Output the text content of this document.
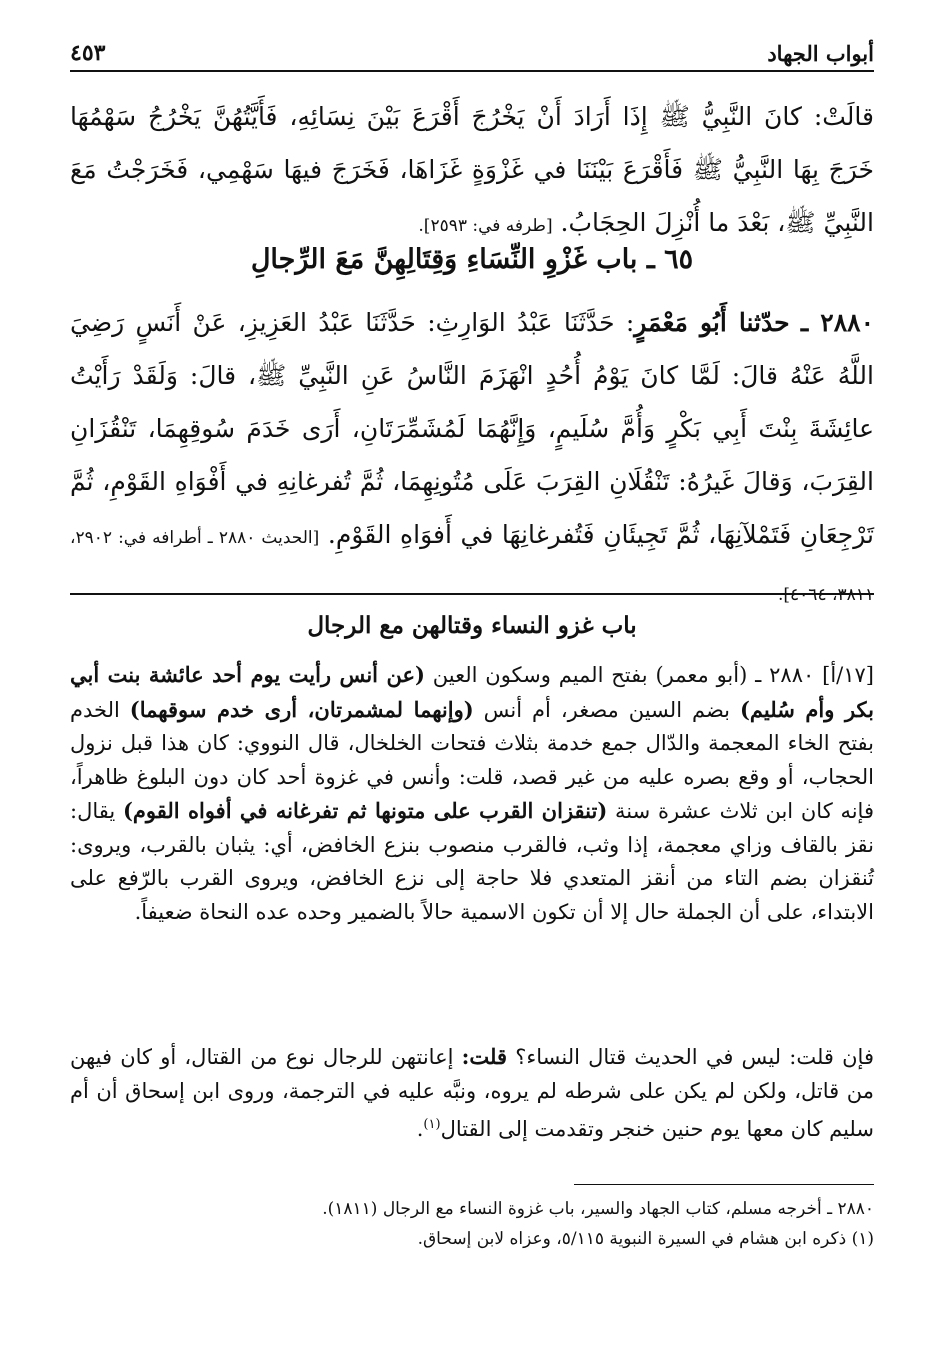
أبواب الجهاد
٤٥٣

قالَتْ: كانَ النَّبِيُّ ﷺ إِذَا أَرَادَ أَنْ يَخْرُجَ أَقْرَعَ بَيْنَ نِسَائِهِ، فَأَيَّتُهُنَّ يَخْرُجُ سَهْمُهَا خَرَجَ بِهَا النَّبِيُّ ﷺ فَأَقْرَعَ بَيْنَنَا في غَزْوَةٍ غَزَاهَا، فَخَرَجَ فيهَا سَهْمِي، فَخَرَجْتُ مَعَ النَّبِيِّ ﷺ، بَعْدَ ما أُنْزِلَ الحِجَابُ. [طرفه في: ٢٥٩٣].

٦٥ ـ باب غَزْوِ النِّسَاءِ وَقِتَالِهِنَّ مَعَ الرِّجالِ

٢٨٨٠ ـ حدّثنا أَبُو مَعْمَرٍ: حَدَّثَنَا عَبْدُ الوَارِثِ: حَدَّثَنَا عَبْدُ العَزِيزِ، عَنْ أَنَسٍ رَضِيَ اللَّهُ عَنْهُ قالَ: لَمَّا كانَ يَوْمُ أُحُدٍ انْهَزَمَ النَّاسُ عَنِ النَّبِيِّ ﷺ، قالَ: وَلَقَدْ رَأَيْتُ عائِشَةَ بِنْتَ أَبِي بَكْرٍ وَأُمَّ سُلَيمٍ، وَإِنَّهُمَا لَمُشَمِّرَتَانِ، أَرَى خَدَمَ سُوقِهِمَا، تَنْقُزَانِ القِرَبَ، وَقالَ غَيرُهُ: تَنْقُلَانِ القِرَبَ عَلَى مُتُونِهِمَا، ثُمَّ تُفرغانِهِ في أَفْوَاهِ القَوْمِ، ثُمَّ تَرْجِعَانِ فَتَمْلآنِهَا، ثُمَّ تَجِيئَانِ فَتُفرغانِهَا في أَفوَاهِ القَوْمِ. [الحديث ٢٨٨٠ ـ أطرافه في: ٢٩٠٢، ٣٨١١، ٤٠٦٤].

باب غزو النساء وقتالهن مع الرجال

[١٧/أ] ٢٨٨٠ ـ (أبو معمر) بفتح الميم وسكون العين (عن أنس رأيت يوم أحد عائشة بنت أبي بكر وأم سُليم) بضم السين مصغر، أم أنس (وإنهما لمشمرتان، أرى خدم سوقهما) الخدم بفتح الخاء المعجمة والدّال جمع خدمة بثلاث فتحات الخلخال، قال النووي: كان هذا قبل نزول الحجاب، أو وقع بصره عليه من غير قصد، قلت: وأنس في غزوة أحد كان دون البلوغ ظاهراً، فإنه كان ابن ثلاث عشرة سنة (تنقزان القرب على متونها ثم تفرغانه في أفواه القوم) يقال: نقز بالقاف وزاي معجمة، إذا وثب، فالقرب منصوب بنزع الخافض، أي: يثبان بالقرب، ويروى: تُنقزان بضم التاء من أنقز المتعدي فلا حاجة إلى نزع الخافض، ويروى القرب بالرّفع على الابتداء، على أن الجملة حال إلا أن تكون الاسمية حالاً بالضمير وحده عده النحاة ضعيفاً.

فإن قلت: ليس في الحديث قتال النساء؟ قلت: إعانتهن للرجال نوع من القتال، أو كان فيهن من قاتل، ولكن لم يكن على شرطه لم يروه، ونبَّه عليه في الترجمة، وروى ابن إسحاق أن أم سليم كان معها يوم حنين خنجر وتقدمت إلى القتال$^{(١)}$.

٢٨٨٠ ـ أخرجه مسلم، كتاب الجهاد والسير، باب غزوة النساء مع الرجال (١٨١١).

(١) ذكره ابن هشام في السيرة النبوية ٥/١١٥، وعزاه لابن إسحاق.
